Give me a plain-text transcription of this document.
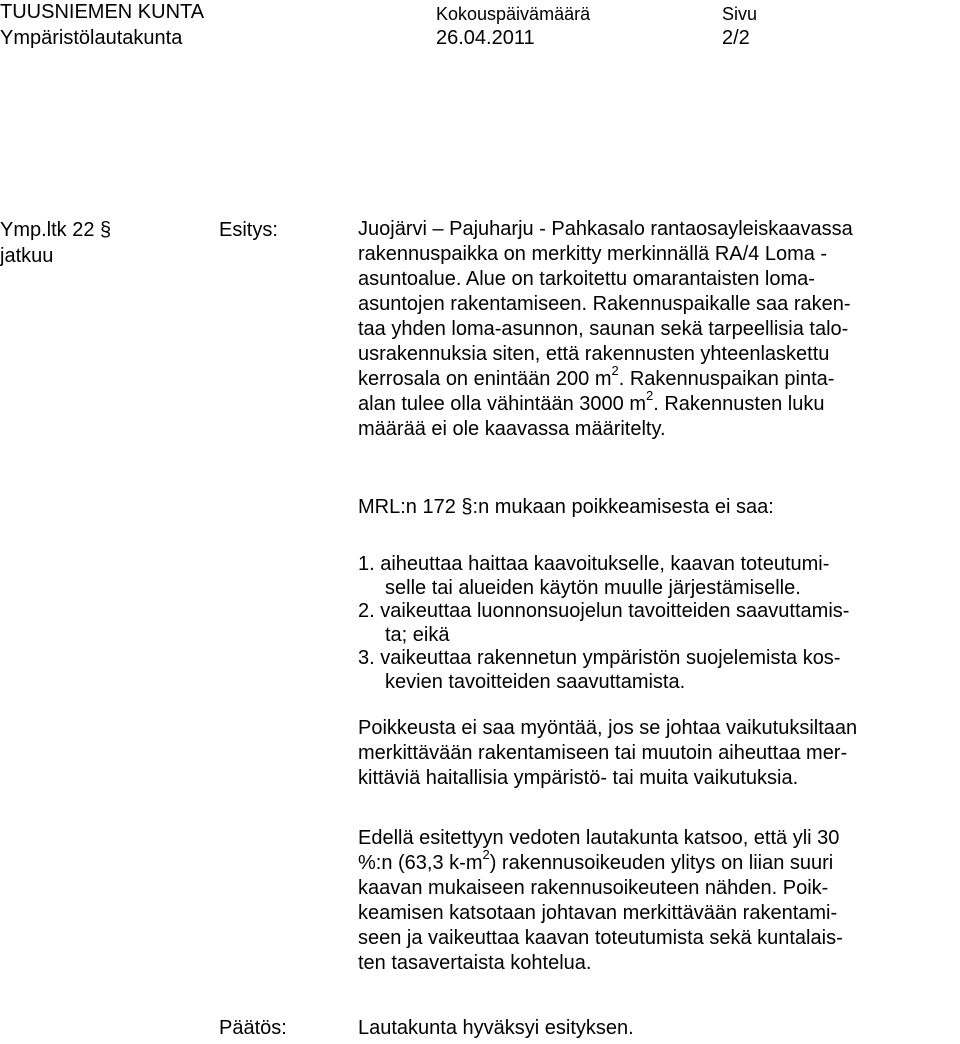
TUUSNIEMEN KUNTA
Ympäristölautakunta
Kokouspäivämäärä
26.04.2011
Sivu
2/2
Ymp.ltk 22 §
jatkuu
Esitys:
Päätös:
Juojärvi – Pajuharju - Pahkasalo rantaosayleiskaavassa
rakennuspaikka on merkitty merkinnällä RA/4 Loma -
asuntoalue. Alue on tarkoitettu omarantaisten loma-
asuntojen rakentamiseen. Rakennuspaikalle saa raken-
taa yhden loma-asunnon, saunan sekä tarpeellisia talo-
usrakennuksia siten, että rakennusten yhteenlaskettu
kerrosala on enintään 200 $m^2$. Rakennuspaikan pinta-
alan tulee olla vähintään 3000 $m^2$. Rakennusten luku
määrää ei ole kaavassa määritelty.
MRL:n 172 §:n mukaan poikkeamisesta ei saa:
1. aiheuttaa haittaa kaavoitukselle, kaavan toteutumi-
selle tai alueiden käytön muulle järjestämiselle.
2. vaikeuttaa luonnonsuojelun tavoitteiden saavuttamis-
ta; eikä
3. vaikeuttaa rakennetun ympäristön suojelemista kos-
kevien tavoitteiden saavuttamista.
Poikkeusta ei saa myöntää, jos se johtaa vaikutuksiltaan
merkittävään rakentamiseen tai muutoin aiheuttaa mer-
kittäviä haitallisia ympäristö- tai muita vaikutuksia.
Edellä esitettyyn vedoten lautakunta katsoo, että yli 30
%:n (63,3 $k-m^2$) rakennusoikeuden ylitys on liian suuri
kaavan mukaiseen rakennusoikeuteen nähden. Poik-
keamisen katsotaan johtavan merkittävään rakentami-
seen ja vaikeuttaa kaavan toteutumista sekä kuntalais-
ten tasavertaista kohtelua.
Lautakunta hyväksyi esityksen.
